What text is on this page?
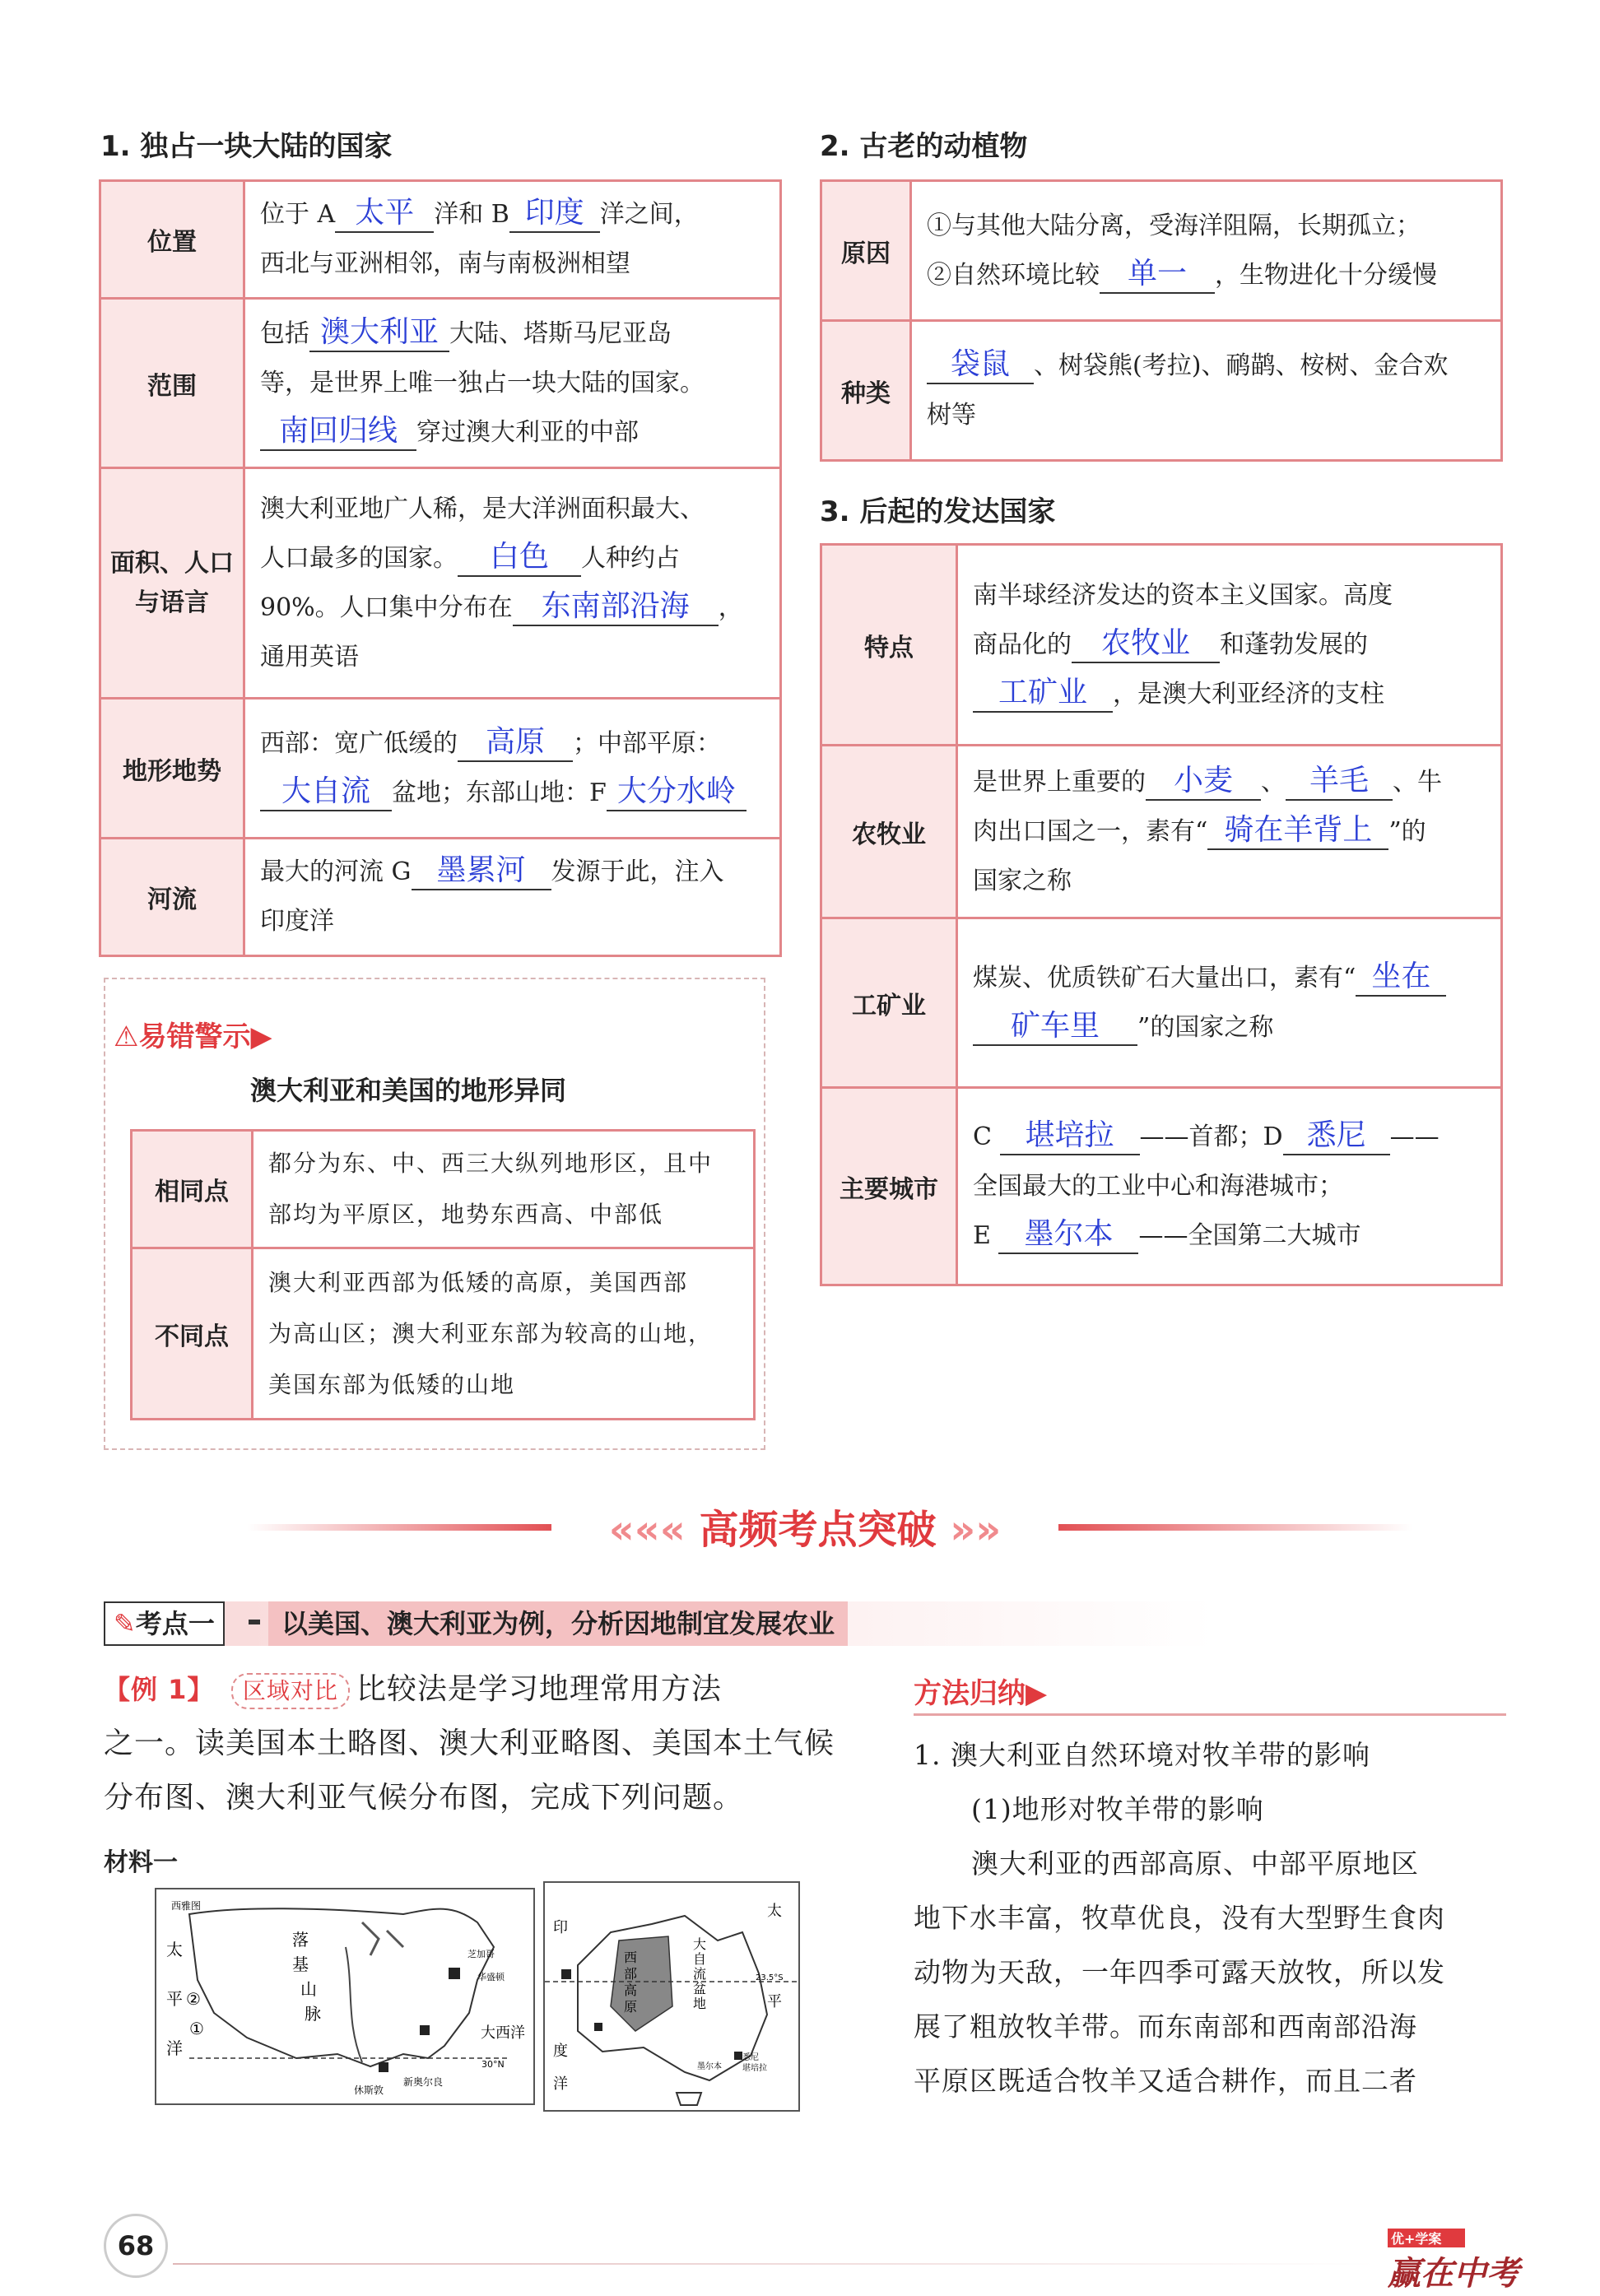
1. 独占一块大陆的国家
位置	位于 A 太平 洋和 B 印度 洋之间，
西北与亚洲相邻，南与南极洲相望
范围	包括 澳大利亚 大陆、塔斯马尼亚岛
等，是世界上唯一独占一块大陆的国家。
南回归线 穿过澳大利亚的中部
面积、人口与语言	澳大利亚地广人稀，是大洋洲面积最大、
人口最多的国家。 白色 人种约占
90%。人口集中分布在 东南部沿海 ，
通用英语
地形地势	西部：宽广低缓的 高原 ；中部平原：
大自流 盆地；东部山地：F 大分水岭
河流	最大的河流 G 墨累河 发源于此，注入
印度洋
⚠易错警示▶
澳大利亚和美国的地形异同
相同点	都分为东、中、西三大纵列地形区，且中
部均为平原区，地势东西高、中部低
不同点	澳大利亚西部为低矮的高原，美国西部
为高山区；澳大利亚东部为较高的山地，
美国东部为低矮的山地
2. 古老的动植物
原因	①与其他大陆分离，受海洋阻隔，长期孤立；
②自然环境比较 单一 ，生物进化十分缓慢
种类	袋鼠 、树袋熊(考拉)、鸸鹋、桉树、金合欢
树等
3. 后起的发达国家
特点	南半球经济发达的资本主义国家。高度
商品化的 农牧业 和蓬勃发展的
工矿业 ，是澳大利亚经济的支柱
农牧业	是世界上重要的 小麦 、 羊毛 、牛
肉出口国之一，素有“ 骑在羊背上 ”的
国家之称
工矿业	煤炭、优质铁矿石大量出口，素有“ 坐在
矿车里 ”的国家之称
主要城市	C 堪培拉 ——首都；D 悉尼 ——
全国最大的工业中心和海港城市；
E 墨尔本 ——全国第二大城市
««« 高频考点突破 »»
✎考点一	以美国、澳大利亚为例，分析因地制宜发展农业
【例 1】 区域对比 比较法是学习地理常用方法
之一。读美国本土略图、澳大利亚略图、美国本土气候
分布图、澳大利亚气候分布图，完成下列问题。
材料一
西雅图
太
平
洋
②
①
落
基
山
脉
芝加哥
华盛顿
大西洋
30°N
休斯敦
新奥尔良
印
度
洋
太
平
西
部
高
原
大
自
流
盆
地
23.5°S
悉尼
堪培拉
墨尔本
方法归纳▶
1. 澳大利亚自然环境对牧羊带的影响
(1)地形对牧羊带的影响
澳大利亚的西部高原、中部平原地区
地下水丰富，牧草优良，没有大型野生食肉
动物为天敌，一年四季可露天放牧，所以发
展了粗放牧羊带。而东南部和西南部沿海
平原区既适合牧羊又适合耕作，而且二者
68	优+学案
赢在中考
